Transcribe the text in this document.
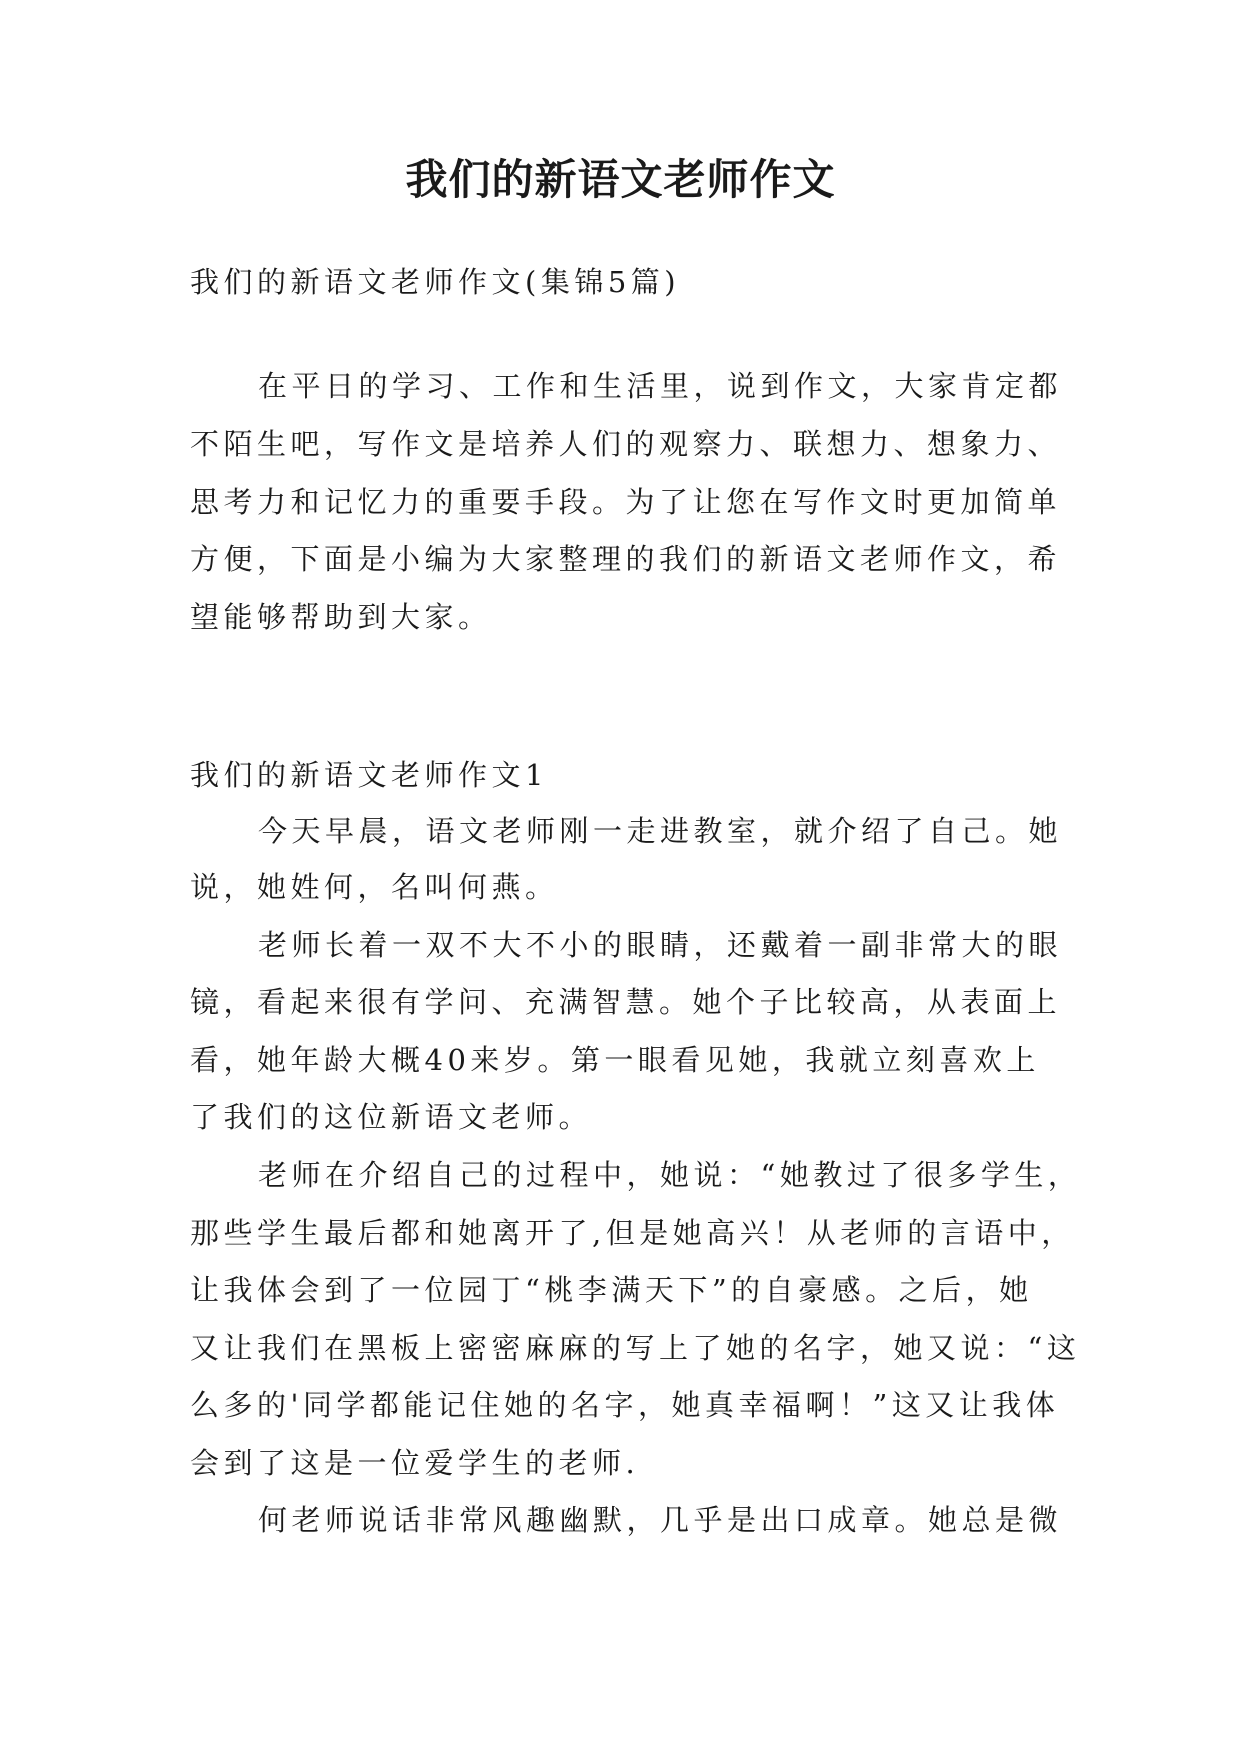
我们的新语文老师作文

我们的新语文老师作文(集锦5篇)

在平日的学习、工作和生活里，说到作文，大家肯定都

不陌生吧，写作文是培养人们的观察力、联想力、想象力、

思考力和记忆力的重要手段。为了让您在写作文时更加简单

方便，下面是小编为大家整理的我们的新语文老师作文，希

望能够帮助到大家。

我们的新语文老师作文1

今天早晨，语文老师刚一走进教室，就介绍了自己。她

说，她姓何，名叫何燕。

老师长着一双不大不小的眼睛，还戴着一副非常大的眼

镜，看起来很有学问、充满智慧。她个子比较高，从表面上

看，她年龄大概40来岁。第一眼看见她，我就立刻喜欢上

了我们的这位新语文老师。

老师在介绍自己的过程中，她说：“她教过了很多学生，

那些学生最后都和她离开了,但是她高兴！从老师的言语中，

让我体会到了一位园丁“桃李满天下”的自豪感。之后，她

又让我们在黑板上密密麻麻的写上了她的名字，她又说：“这

么多的'同学都能记住她的名字，她真幸福啊！”这又让我体

会到了这是一位爱学生的老师.

何老师说话非常风趣幽默，几乎是出口成章。她总是微
